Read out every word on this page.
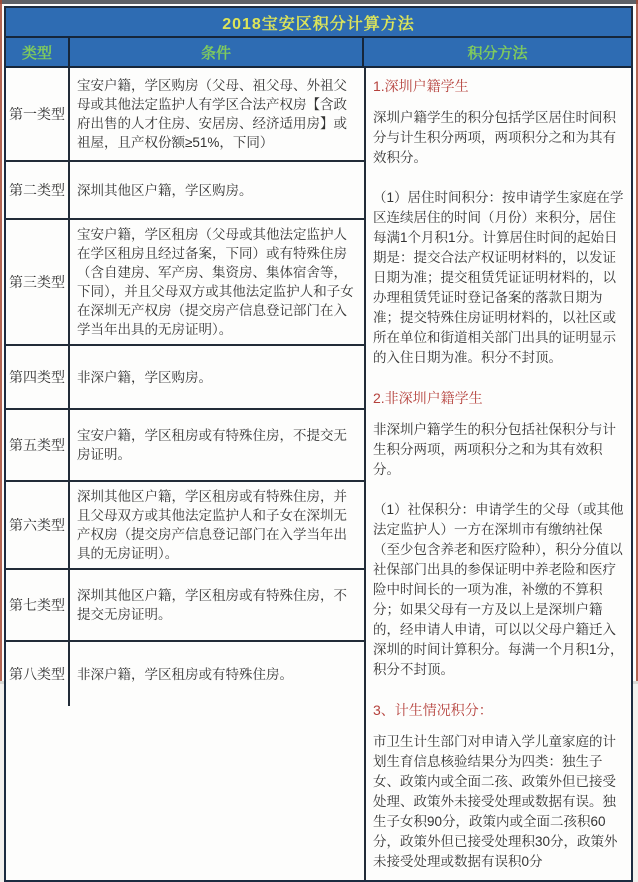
2018宝安区积分计算方法
类型	条件	积分方法
第一类型
宝安户籍，学区购房（父母、祖父母、外祖父母或其他法定监护人有学区合法产权房【含政府出售的人才住房、安居房、经济适用房】或祖屋，且产权份额≥51%，下同）
第二类型 深圳其他区户籍，学区购房。
第三类型
宝安户籍，学区租房（父母或其他法定监护人在学区租房且经过备案，下同）或有特殊住房（含自建房、军产房、集资房、集体宿舍等，下同），并且父母双方或其他法定监护人和子女在深圳无产权房（提交房产信息登记部门在入学当年出具的无房证明）。
第四类型 非深户籍，学区购房。
第五类型
宝安户籍，学区租房或有特殊住房，不提交无房证明。
第六类型
深圳其他区户籍，学区租房或有特殊住房，并且父母双方或其他法定监护人和子女在深圳无产权房（提交房产信息登记部门在入学当年出具的无房证明）。
第七类型
深圳其他区户籍，学区租房或有特殊住房，不提交无房证明。
第八类型 非深户籍，学区租房或有特殊住房。

1.深圳户籍学生

深圳户籍学生的积分包括学区居住时间积分与计生积分两项，两项积分之和为其有效积分。

（1）居住时间积分：按申请学生家庭在学区连续居住的时间（月份）来积分，居住每满1个月积1分。计算居住时间的起始日期是：提交合法产权证明材料的，以发证日期为准；提交租赁凭证证明材料的，以办理租赁凭证时登记备案的落款日期为准；提交特殊住房证明材料的，以社区或所在单位和街道相关部门出具的证明显示的入住日期为准。积分不封顶。

2.非深圳户籍学生

非深圳户籍学生的积分包括社保积分与计生积分两项，两项积分之和为其有效积分。

（1）社保积分：申请学生的父母（或其他法定监护人）一方在深圳市有缴纳社保（至少包含养老和医疗险种），积分分值以社保部门出具的参保证明中养老险和医疗险中时间长的一项为准，补缴的不算积分；如果父母有一方及以上是深圳户籍的，经申请人申请，可以以父母户籍迁入深圳的时间计算积分。每满一个月积1分，积分不封顶。

3、计生情况积分：

市卫生计生部门对申请入学儿童家庭的计划生育信息核验结果分为四类：独生子女、政策内或全面二孩、政策外但已接受处理、政策外未接受处理或数据有误。独生子女积90分，政策内或全面二孩积60分，政策外但已接受处理积30分，政策外未接受处理或数据有误积0分
